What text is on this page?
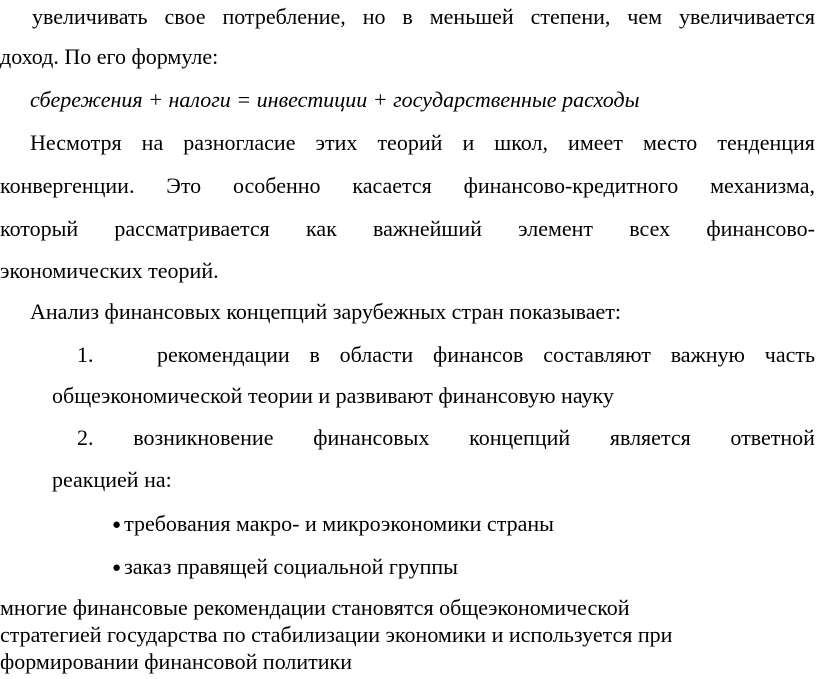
увеличивать свое потребление, но в меньшей степени, чем увеличивается
доход. По его формуле:
сбережения + налоги = инвестиции + государственные расходы
Несмотря на разногласие этих теорий и школ, имеет место тенденция
конвергенции. Это особенно касается финансово-кредитного механизма,
который рассматривается как важнейший элемент всех финансово-
экономических теорий.
Анализ финансовых концепций зарубежных стран показывает:
1.	рекомендации в области финансов составляют важную часть
общеэкономической теории и развивают финансовую науку
2. возникновение финансовых концепций является ответной
реакцией на:
● требования макро- и микроэкономики страны
● заказ правящей социальной группы
многие финансовые рекомендации становятся общеэкономической
стратегией государства по стабилизации экономики и используется при
формировании финансовой политики
